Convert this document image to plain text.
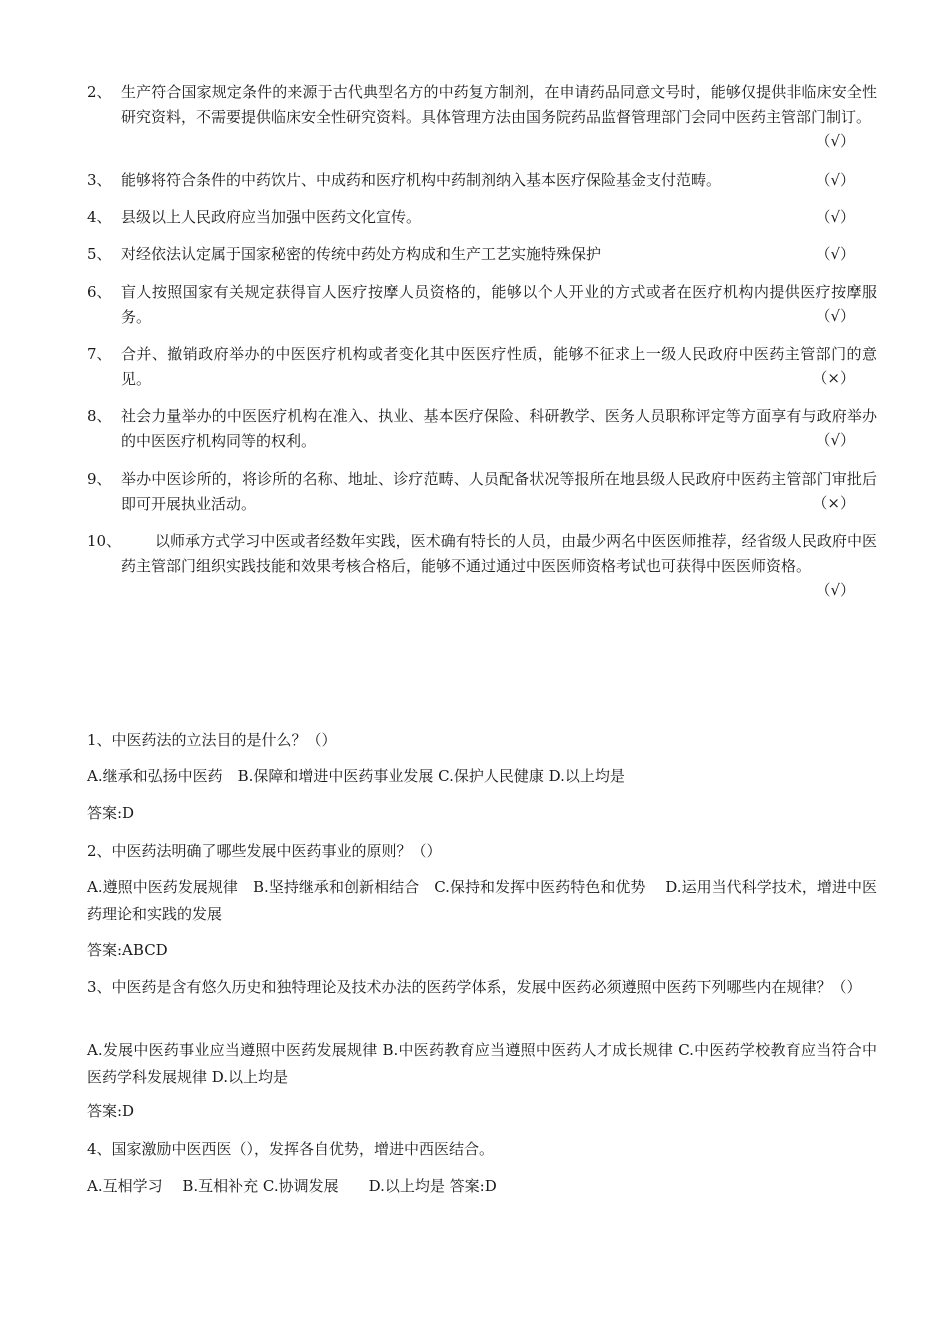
2、 生产符合国家规定条件的来源于古代典型名方的中药复方制剂，在申请药品同意文号时，能够仅提供非临床安全性研究资料，不需要提供临床安全性研究资料。具体管理方法由国务院药品监督管理部门会同中医药主管部门制订。
（√）
3、 能够将符合条件的中药饮片、中成药和医疗机构中药制剂纳入基本医疗保险基金支付范畴。	（√）
4、 县级以上人民政府应当加强中医药文化宣传。	（√）
5、 对经依法认定属于国家秘密的传统中药处方构成和生产工艺实施特殊保护	（√）
6、 盲人按照国家有关规定获得盲人医疗按摩人员资格的，能够以个人开业的方式或者在医疗机构内提供医疗按摩服务。	（√）
7、 合并、撤销政府举办的中医医疗机构或者变化其中医医疗性质，能够不征求上一级人民政府中医药主管部门的意见。	（×）
8、 社会力量举办的中医医疗机构在准入、执业、基本医疗保险、科研教学、医务人员职称评定等方面享有与政府举办的中医医疗机构同等的权利。	（√）
9、 举办中医诊所的，将诊所的名称、地址、诊疗范畴、人员配备状况等报所在地县级人民政府中医药主管部门审批后即可开展执业活动。	（×）
10、	以师承方式学习中医或者经数年实践，医术确有特长的人员，由最少两名中医医师推荐，经省级人民政府中医药主管部门组织实践技能和效果考核合格后，能够不通过通过中医医师资格考试也可获得中医医师资格。
（√）
1、中医药法的立法目的是什么？（）
A.继承和弘扬中医药　B.保障和增进中医药事业发展 C.保护人民健康 D.以上均是
答案:D
2、中医药法明确了哪些发展中医药事业的原则？（）
A.遵照中医药发展规律　B.坚持继承和创新相结合　C.保持和发挥中医药特色和优势　 D.运用当代科学技术，增进中医药理论和实践的发展
答案:ABCD
3、中医药是含有悠久历史和独特理论及技术办法的医药学体系，发展中医药必须遵照中医药下列哪些内在规律？（）
A.发展中医药事业应当遵照中医药发展规律 B.中医药教育应当遵照中医药人才成长规律 C.中医药学校教育应当符合中医药学科发展规律 D.以上均是
答案:D
4、国家激励中医西医（），发挥各自优势，增进中西医结合。
A.互相学习　 B.互相补充 C.协调发展　　D.以上均是 答案:D
